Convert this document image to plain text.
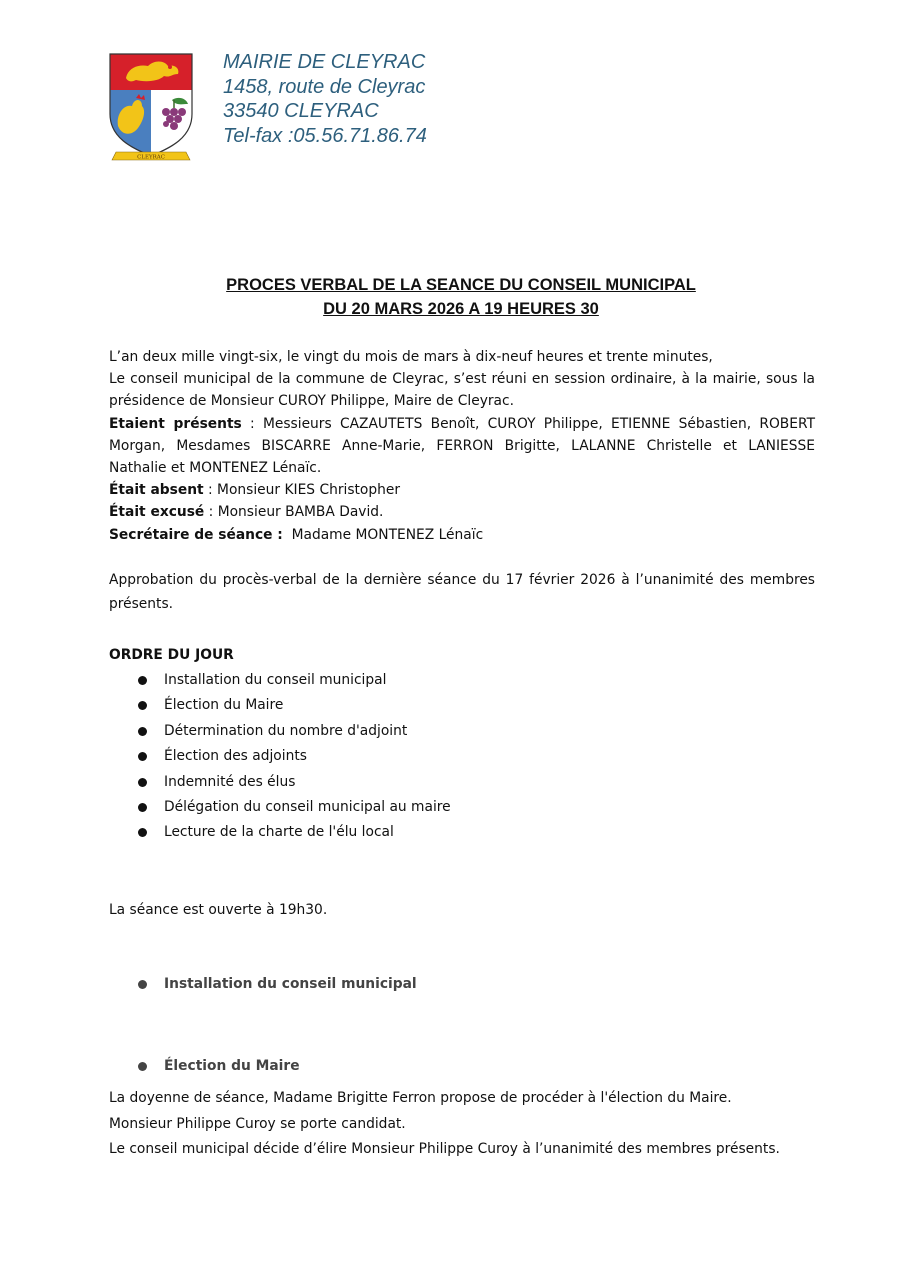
CLEYRAC
MAIRIE DE CLEYRAC
1458, route de Cleyrac
33540 CLEYRAC
Tel-fax :05.56.71.86.74
PROCES VERBAL DE LA SEANCE DU CONSEIL MUNICIPAL
DU 20 MARS 2026 A 19 HEURES 30

L’an deux mille vingt-six, le vingt du mois de mars à dix-neuf heures et trente minutes,

Le conseil municipal de la commune de Cleyrac, s’est réuni en session ordinaire, à la mairie, sous la présidence de Monsieur CUROY Philippe, Maire de Cleyrac.

Etaient présents : Messieurs CAZAUTETS Benoît, CUROY Philippe, ETIENNE Sébastien, ROBERT Morgan, Mesdames BISCARRE Anne-Marie, FERRON Brigitte, LALANNE Christelle et LANIESSE Nathalie et MONTENEZ Lénaïc.

Était absent : Monsieur KIES Christopher

Était excusé : Monsieur BAMBA David.

Secrétaire de séance :  Madame MONTENEZ Lénaïc

Approbation du procès-verbal de la dernière séance du 17 février 2026 à l’unanimité des membres présents.

ORDRE DU JOUR
Installation du conseil municipal
Élection du Maire
Détermination du nombre d'adjoint
Élection des adjoints
Indemnité des élus
Délégation du conseil municipal au maire
Lecture de la charte de l'élu local

La séance est ouverte à 19h30.

Installation du conseil municipal
Élection du Maire

La doyenne de séance, Madame Brigitte Ferron propose de procéder à l'élection du Maire.

Monsieur Philippe Curoy se porte candidat.

Le conseil municipal décide d’élire Monsieur Philippe Curoy à l’unanimité des membres présents.
